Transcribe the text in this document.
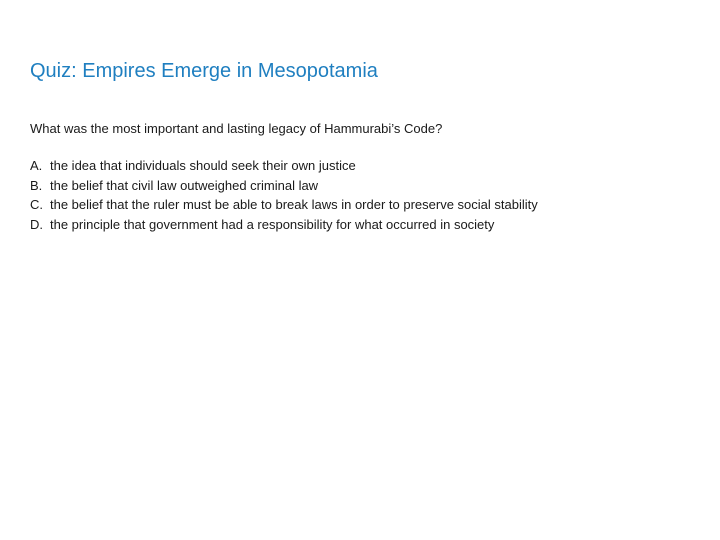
Quiz: Empires Emerge in Mesopotamia
What was the most important and lasting legacy of Hammurabi’s Code?
A. the idea that individuals should seek their own justice
B. the belief that civil law outweighed criminal law
C. the belief that the ruler must be able to break laws in order to preserve social stability
D. the principle that government had a responsibility for what occurred in society
